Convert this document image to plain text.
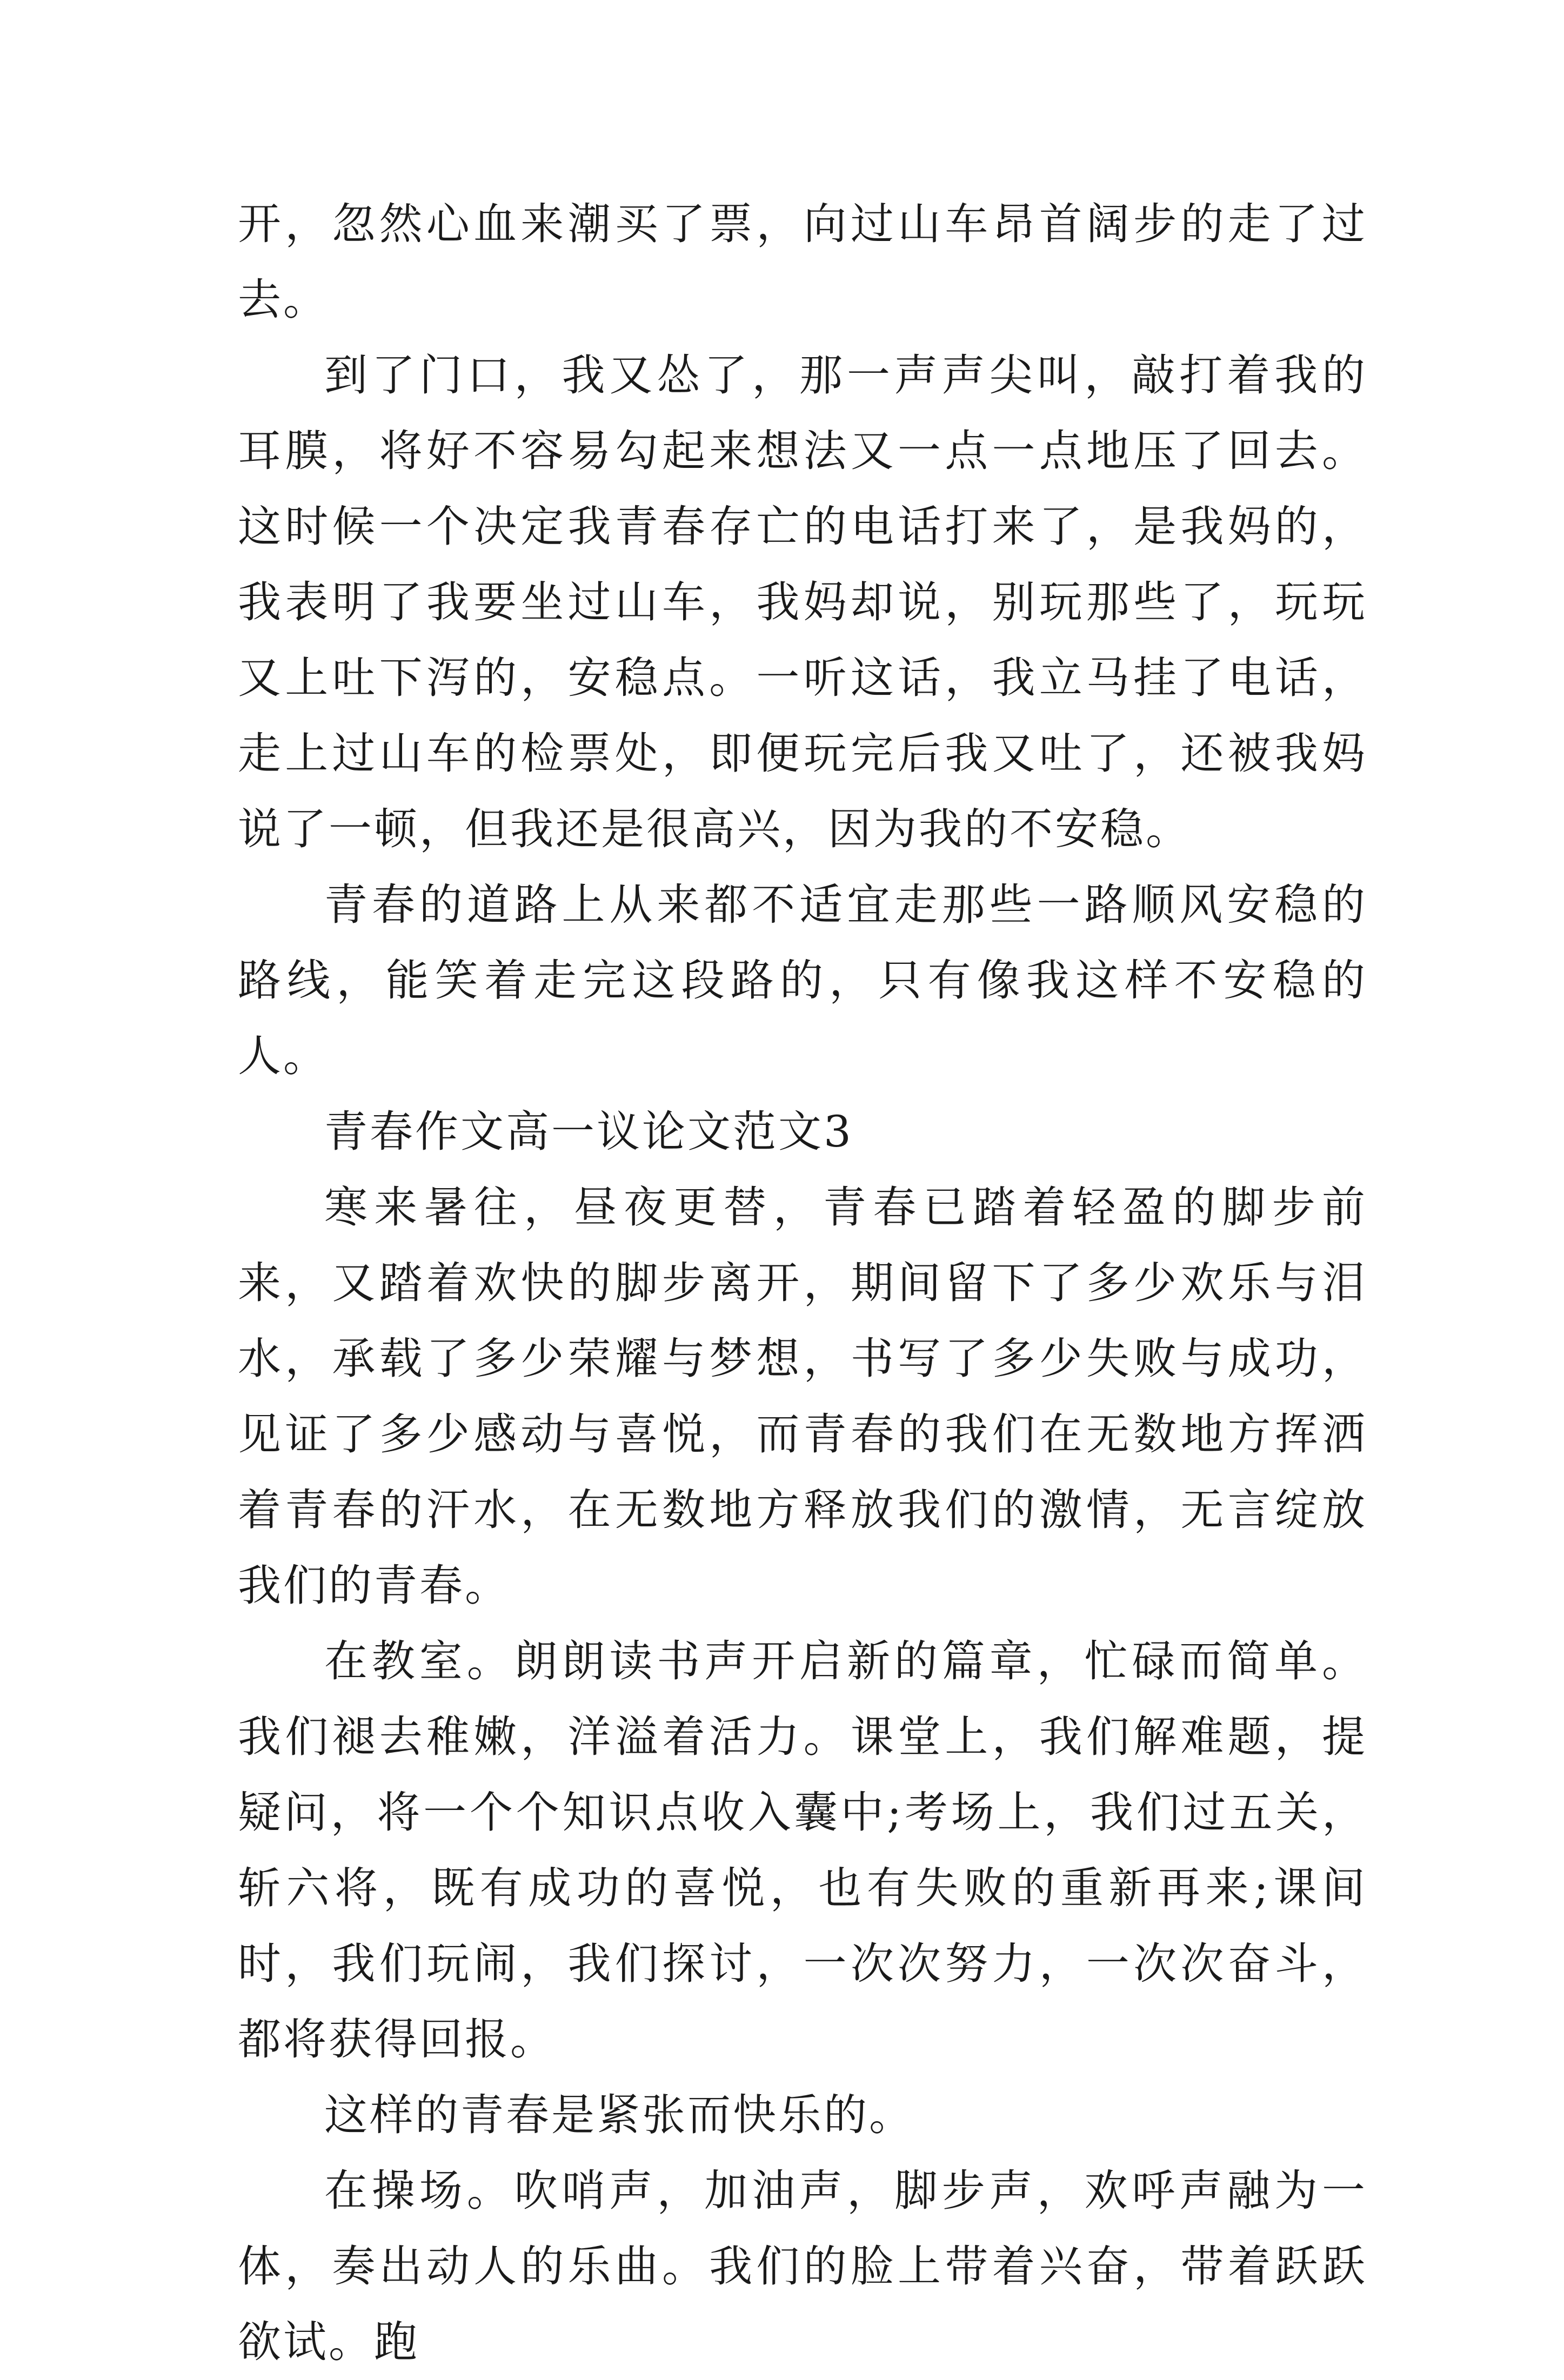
开，忽然心血来潮买了票，向过山车昂首阔步的走了过去。

到了门口，我又怂了，那一声声尖叫，敲打着我的耳膜，将好不容易勾起来想法又一点一点地压了回去。这时候一个决定我青春存亡的电话打来了，是我妈的，我表明了我要坐过山车，我妈却说，别玩那些了，玩玩又上吐下泻的，安稳点。一听这话，我立马挂了电话，走上过山车的检票处，即便玩完后我又吐了，还被我妈说了一顿，但我还是很高兴，因为我的不安稳。

青春的道路上从来都不适宜走那些一路顺风安稳的路线，能笑着走完这段路的，只有像我这样不安稳的人。

青春作文高一议论文范文3

寒来暑往，昼夜更替，青春已踏着轻盈的脚步前来，又踏着欢快的脚步离开，期间留下了多少欢乐与泪水，承载了多少荣耀与梦想，书写了多少失败与成功，见证了多少感动与喜悦，而青春的我们在无数地方挥洒着青春的汗水，在无数地方释放我们的激情，无言绽放我们的青春。

在教室。朗朗读书声开启新的篇章，忙碌而简单。我们褪去稚嫩，洋溢着活力。课堂上，我们解难题，提疑问，将一个个知识点收入囊中;考场上，我们过五关，斩六将，既有成功的喜悦，也有失败的重新再来;课间时，我们玩闹，我们探讨，一次次努力，一次次奋斗，都将获得回报。

这样的青春是紧张而快乐的。

在操场。吹哨声，加油声，脚步声，欢呼声融为一体，奏出动人的乐曲。我们的脸上带着兴奋，带着跃跃欲试。跑
